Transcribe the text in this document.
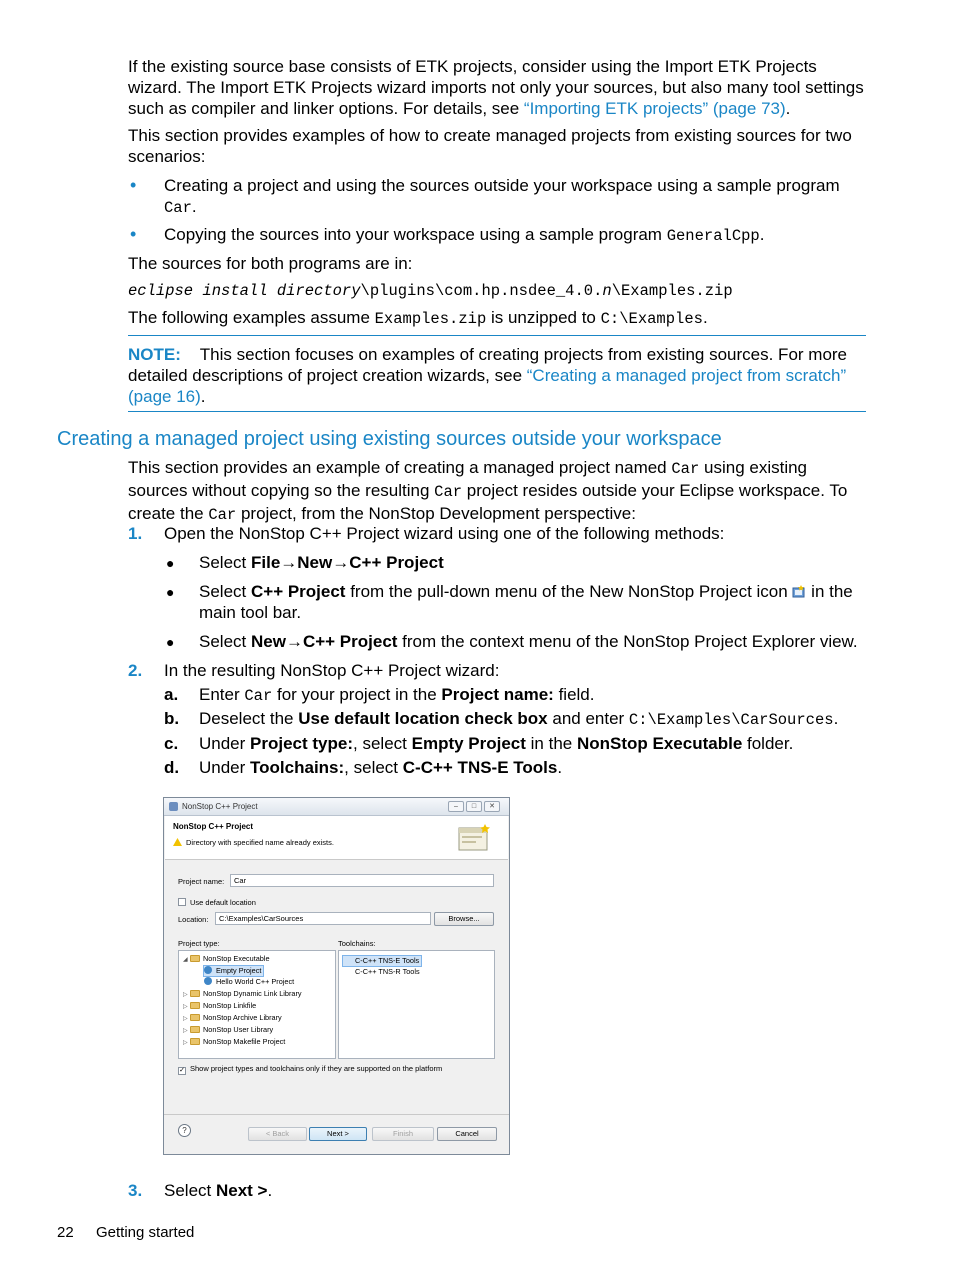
If the existing source base consists of ETK projects, consider using the Import ETK Projects wizard. The Import ETK Projects wizard imports not only your sources, but also many tool settings such as compiler and linker options. For details, see “Importing ETK projects” (page 73).
This section provides examples of how to create managed projects from existing sources for two scenarios:
• Creating a project and using the sources outside your workspace using a sample program
Car.
• Copying the sources into your workspace using a sample program GeneralCpp.
The sources for both programs are in:
eclipse install directory\plugins\com.hp.nsdee_4.0.n\Examples.zip
The following examples assume Examples.zip is unzipped to C:\Examples.
NOTE: This section focuses on examples of creating projects from existing sources. For more detailed descriptions of project creation wizards, see “Creating a managed project from scratch” (page 16).
Creating a managed project using existing sources outside your workspace
This section provides an example of creating a managed project named Car using existing sources without copying so the resulting Car project resides outside your Eclipse workspace. To create the Car project, from the NonStop Development perspective:
1. Open the NonStop C++ Project wizard using one of the following methods:
● Select File→New→C++ Project
● Select C++ Project from the pull-down menu of the New NonStop Project icon  in the main tool bar.
● Select New→C++ Project from the context menu of the NonStop Project Explorer view.
2. In the resulting NonStop C++ Project wizard:
a. Enter Car for your project in the Project name: field.
b. Deselect the Use default location check box and enter C:\Examples\CarSources.
c. Under Project type:, select Empty Project in the NonStop Executable folder.
d. Under Toolchains:, select C-C++ TNS-E Tools.
NonStop C++ Project	–	□	✕
NonStop C++ Project
Directory with specified name already exists.
Project name:	Car
Use default location
Location:	C:\Examples\CarSources	Browse...
Project type:	Toolchains:
◢ NonStop Executable
Empty Project
Hello World C++ Project
▷ NonStop Dynamic Link Library
▷ NonStop Linkfile
▷ NonStop Archive Library
▷ NonStop User Library
▷ NonStop Makefile Project
C-C++ TNS-E Tools
C-C++ TNS-R Tools
✓ Show project types and toolchains only if they are supported on the platform
?	< Back	Next >	Finish	Cancel
3. Select Next >.
22 Getting started
